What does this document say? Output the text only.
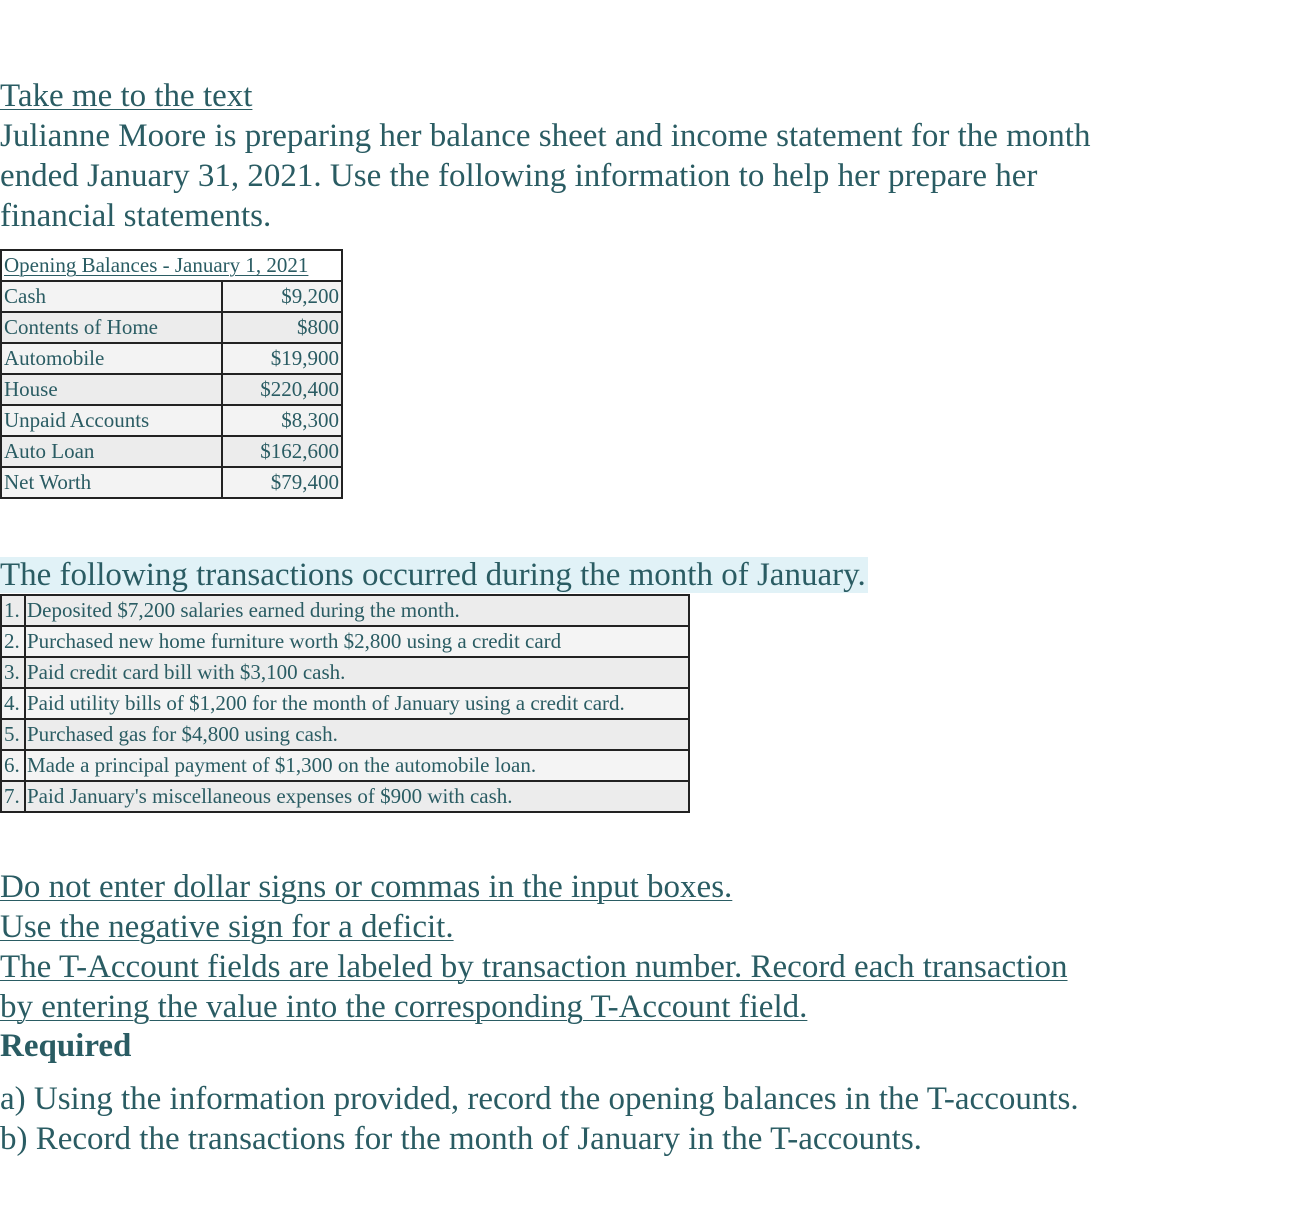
Take me to the text

Julianne Moore is preparing her balance sheet and income statement for the month ended January 31, 2021. Use the following information to help her prepare her financial statements.

Opening Balances - January 1, 2021	
Cash	$9,200
Contents of Home	$800
Automobile	$19,900
House	$220,400
Unpaid Accounts	$8,300
Auto Loan	$162,600
Net Worth	$79,400
The following transactions occurred during the month of January.
1.	Deposited $7,200 salaries earned during the month.
2.	Purchased new home furniture worth $2,800 using a credit card
3.	Paid credit card bill with $3,100 cash.
4.	Paid utility bills of $1,200 for the month of January using a credit card.
5.	Purchased gas for $4,800 using cash.
6.	Made a principal payment of $1,300 on the automobile loan.
7.	Paid January's miscellaneous expenses of $900 with cash.
Do not enter dollar signs or commas in the input boxes.
Use the negative sign for a deficit.
The T-Account fields are labeled by transaction number. Record each transaction
by entering the value into the corresponding T-Account field.
Required
a) Using the information provided, record the opening balances in the T-accounts.
b) Record the transactions for the month of January in the T-accounts.
